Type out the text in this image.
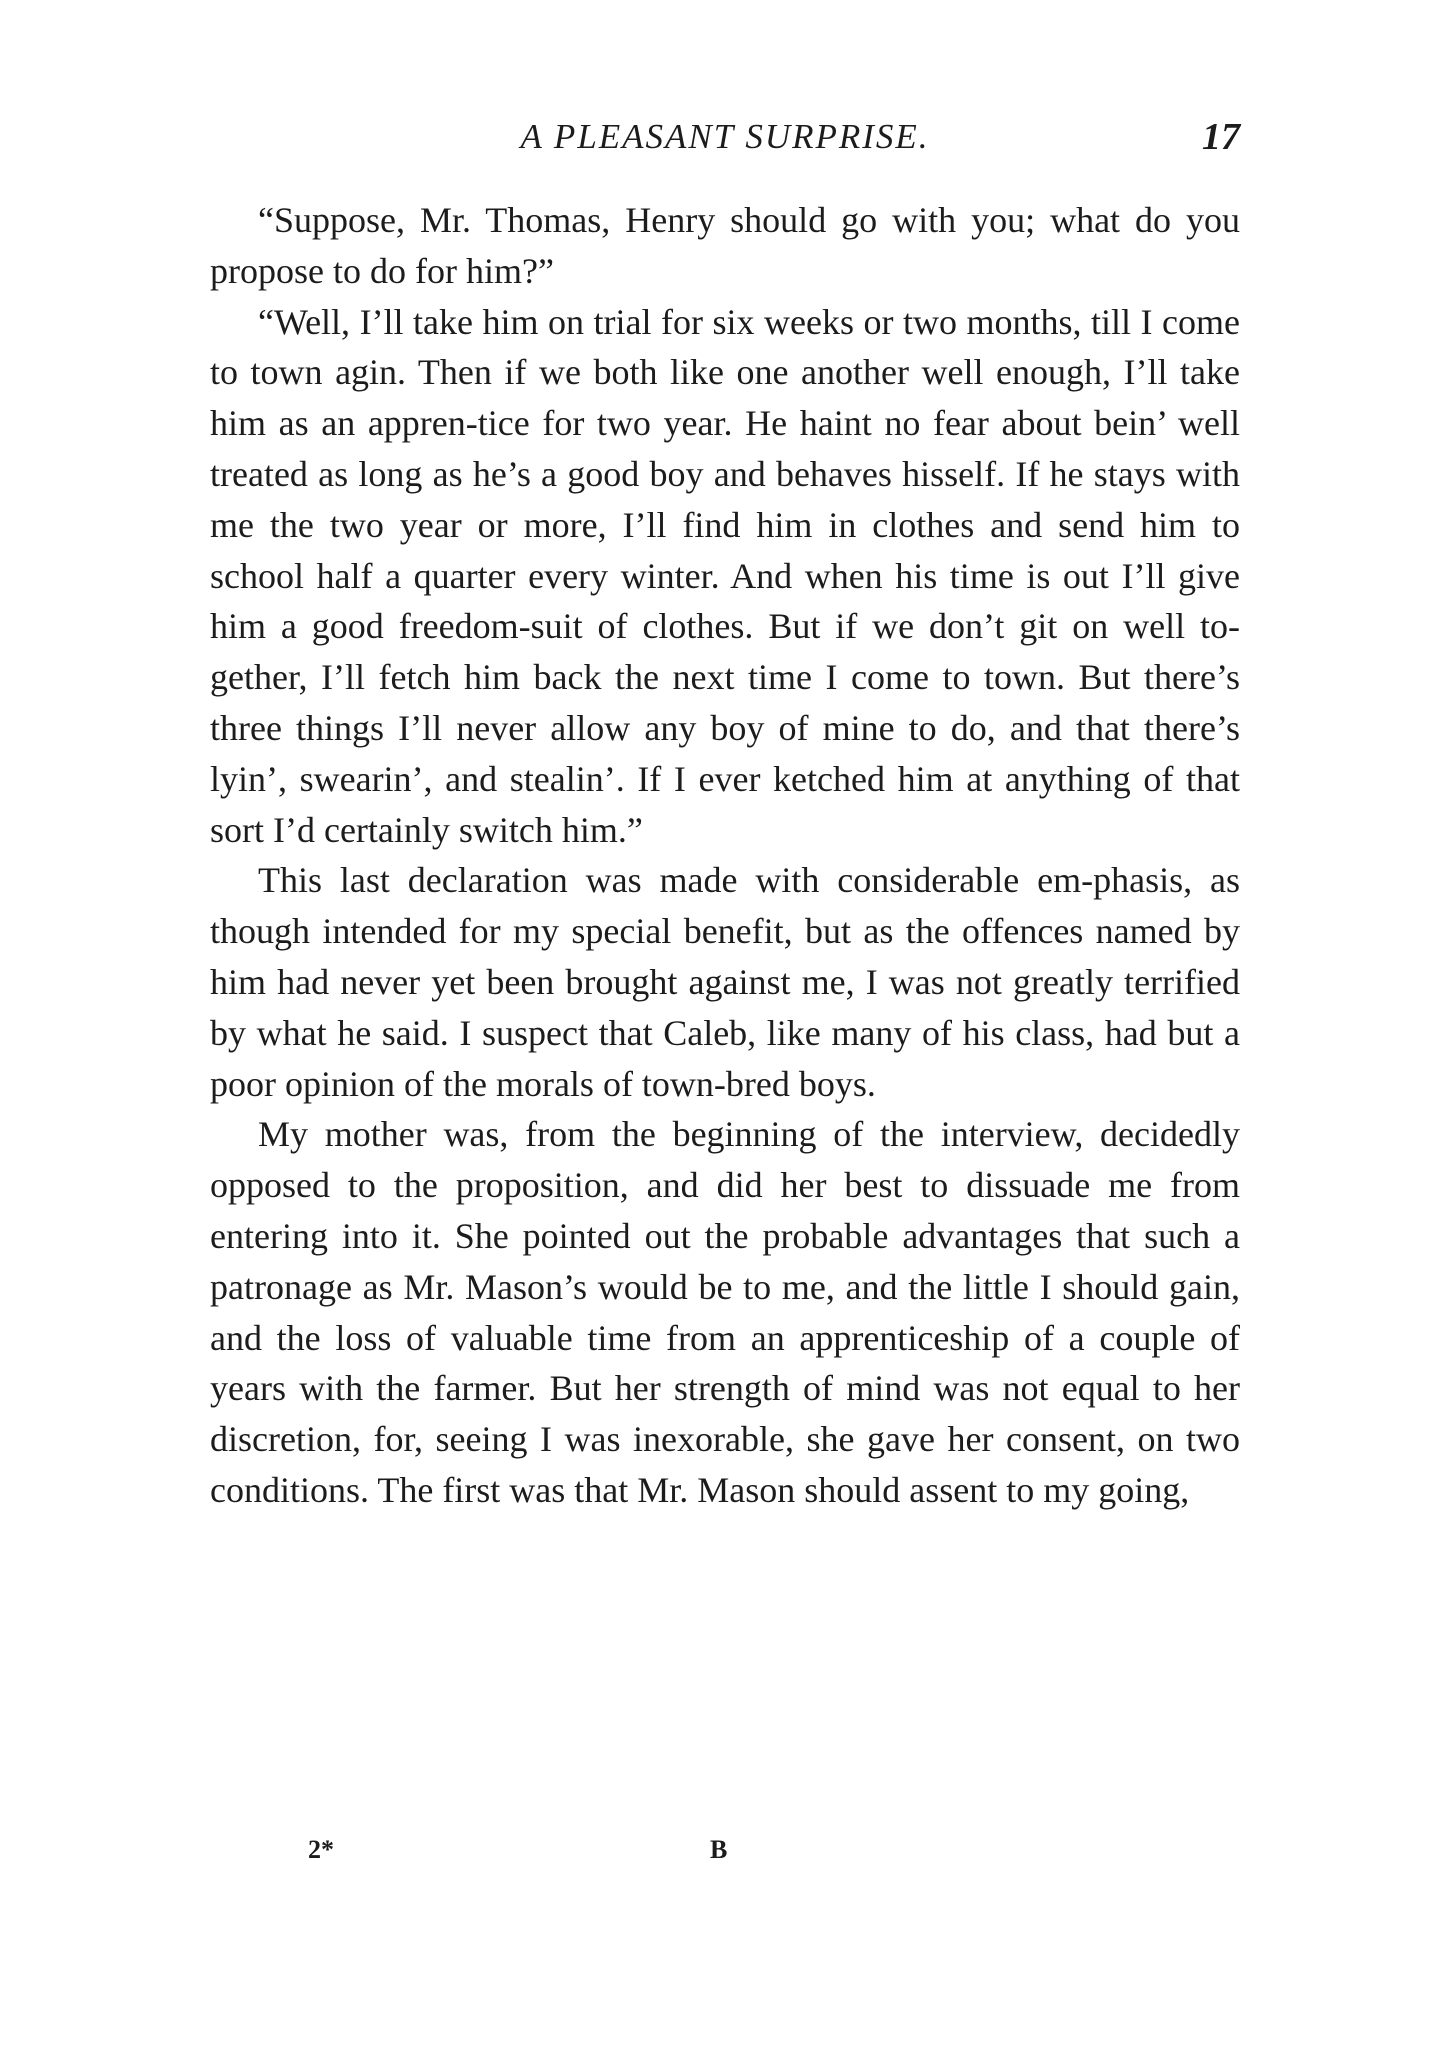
A PLEASANT SURPRISE.	17

“Suppose, Mr. Thomas, Henry should go with you; what do you propose to do for him?”

“Well, I’ll take him on trial for six weeks or two months, till I come to town agin. Then if we both like one another well enough, I’ll take him as an appren-tice for two year. He haint no fear about bein’ well treated as long as he’s a good boy and behaves hisself. If he stays with me the two year or more, I’ll find him in clothes and send him to school half a quarter every winter. And when his time is out I’ll give him a good freedom-suit of clothes. But if we don’t git on well to-gether, I’ll fetch him back the next time I come to town. But there’s three things I’ll never allow any boy of mine to do, and that there’s lyin’, swearin’, and stealin’. If I ever ketched him at anything of that sort I’d certainly switch him.”

This last declaration was made with considerable em-phasis, as though intended for my special benefit, but as the offences named by him had never yet been brought against me, I was not greatly terrified by what he said. I suspect that Caleb, like many of his class, had but a poor opinion of the morals of town-bred boys.

My mother was, from the beginning of the interview, decidedly opposed to the proposition, and did her best to dissuade me from entering into it. She pointed out the probable advantages that such a patronage as Mr. Mason’s would be to me, and the little I should gain, and the loss of valuable time from an apprenticeship of a couple of years with the farmer. But her strength of mind was not equal to her discretion, for, seeing I was inexorable, she gave her consent, on two conditions. The first was that Mr. Mason should assent to my going,

2*	B
